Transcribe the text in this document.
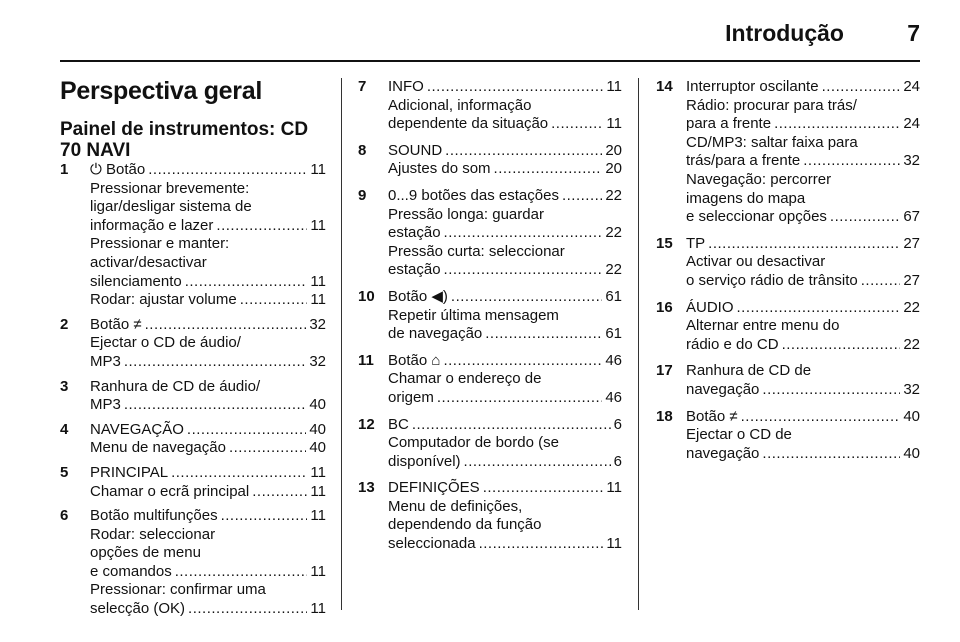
Introdução	7
Perspectiva geral
Painel de instrumentos: CD 70 NAVI
1 ⏻ Botão .....	11
Pressionar brevemente:
ligar/desligar sistema de
informação e lazer .....	11
Pressionar e manter:
activar/desactivar
silenciamento .....	11
Rodar: ajustar volume .....	11
2 Botão ≠ .....	32
Ejectar o CD de áudio/
MP3 .....	32
3 Ranhura de CD de áudio/
MP3 .....	40
4 NAVEGAÇÃO .....	40
Menu de navegação .....	40
5 PRINCIPAL .....	11
Chamar o ecrã principal .....	11
6 Botão multifunções .....	11
Rodar: seleccionar
opções de menu
e comandos .....	11
Pressionar: confirmar uma
selecção (OK) .....	11
7 INFO .....	11
Adicional, informação
dependente da situação .....	11
8 SOUND .....	20
Ajustes do som .....	20
9 0...9 botões das estações .....	22
Pressão longa: guardar
estação .....	22
Pressão curta: seleccionar
estação .....	22
10 Botão ◀) .....	61
Repetir última mensagem
de navegação .....	61
11 Botão ⌂ .....	46
Chamar o endereço de
origem .....	46
12 BC .....	6
Computador de bordo (se
disponível) .....	6
13 DEFINIÇÕES .....	11
Menu de definições,
dependendo da função
seleccionada .....	11
14 Interruptor oscilante .....	24
Rádio: procurar para trás/
para a frente .....	24
CD/MP3: saltar faixa para
trás/para a frente .....	32
Navegação: percorrer
imagens do mapa
e seleccionar opções .....	67
15 TP .....	27
Activar ou desactivar
o serviço rádio de trânsito .....	27
16 ÁUDIO .....	22
Alternar entre menu do
rádio e do CD .....	22
17 Ranhura de CD de
navegação .....	32
18 Botão ≠ .....	40
Ejectar o CD de
navegação .....	40
